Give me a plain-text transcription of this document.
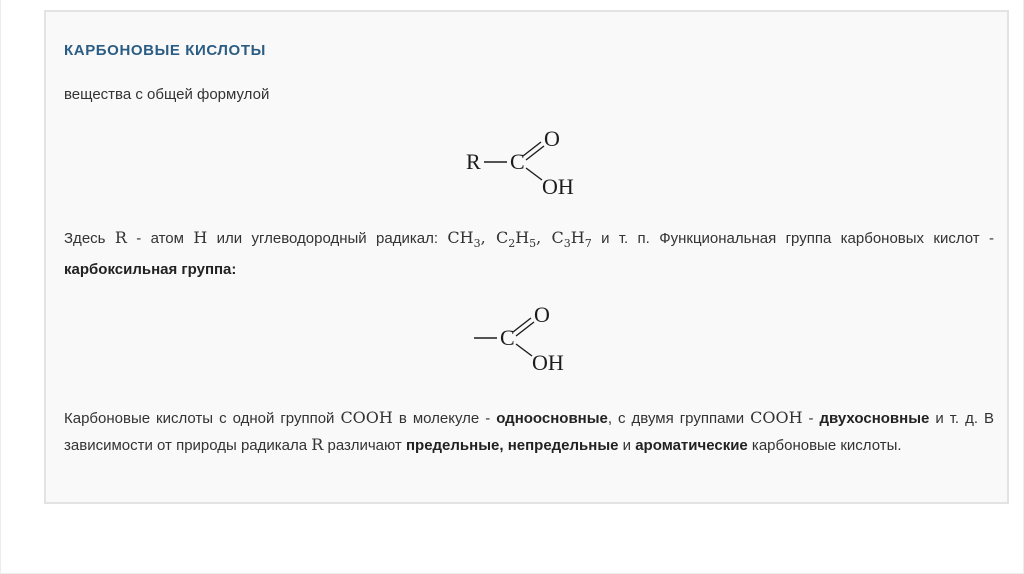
КАРБОНОВЫЕ КИСЛОТЫ

вещества с общей формулой

R C
O
OH

Здесь R - атом H или углеводородный радикал: $CH_3$, $C_2H_5$, $C_3H_7$ и т. п. Функциональная группа карбоновых кислот - карбоксильная группа:

C
O
OH

Карбоновые кислоты с одной группой COOH в молекуле - одноосновные, с двумя группами COOH - двухосновные и т. д. В зависимости от природы радикала R различают предельные, непредельные и ароматические карбоновые кислоты.
